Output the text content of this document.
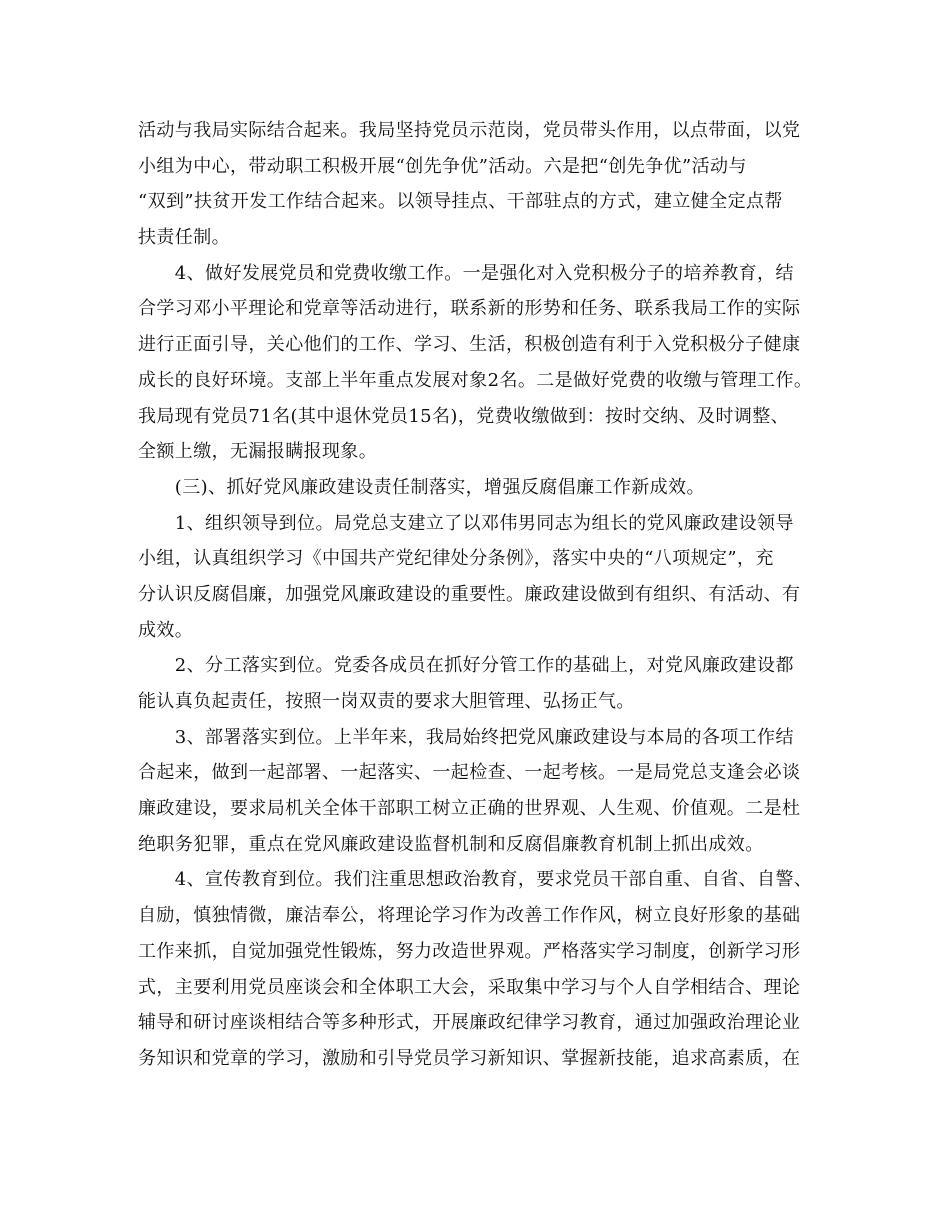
活动与我局实际结合起来。我局坚持党员示范岗，党员带头作用，以点带面，以党
小组为中心，带动职工积极开展“创先争优”活动。六是把“创先争优”活动与
“双到”扶贫开发工作结合起来。以领导挂点、干部驻点的方式，建立健全定点帮
扶责任制。
　　4、做好发展党员和党费收缴工作。一是强化对入党积极分子的培养教育，结
合学习邓小平理论和党章等活动进行，联系新的形势和任务、联系我局工作的实际
进行正面引导，关心他们的工作、学习、生活，积极创造有利于入党积极分子健康
成长的良好环境。支部上半年重点发展对象2名。二是做好党费的收缴与管理工作。
我局现有党员71名(其中退休党员15名)，党费收缴做到：按时交纳、及时调整、
全额上缴，无漏报瞒报现象。
　　(三)、抓好党风廉政建设责任制落实，增强反腐倡廉工作新成效。
　　1、组织领导到位。局党总支建立了以邓伟男同志为组长的党风廉政建设领导
小组，认真组织学习《中国共产党纪律处分条例》，落实中央的“八项规定”，充
分认识反腐倡廉，加强党风廉政建设的重要性。廉政建设做到有组织、有活动、有
成效。
　　2、分工落实到位。党委各成员在抓好分管工作的基础上，对党风廉政建设都
能认真负起责任，按照一岗双责的要求大胆管理、弘扬正气。
　　3、部署落实到位。上半年来，我局始终把党风廉政建设与本局的各项工作结
合起来，做到一起部署、一起落实、一起检查、一起考核。一是局党总支逢会必谈
廉政建设，要求局机关全体干部职工树立正确的世界观、人生观、价值观。二是杜
绝职务犯罪，重点在党风廉政建设监督机制和反腐倡廉教育机制上抓出成效。
　　4、宣传教育到位。我们注重思想政治教育，要求党员干部自重、自省、自警、
自励，慎独情微，廉洁奉公，将理论学习作为改善工作作风，树立良好形象的基础
工作来抓，自觉加强党性锻炼，努力改造世界观。严格落实学习制度，创新学习形
式，主要利用党员座谈会和全体职工大会，采取集中学习与个人自学相结合、理论
辅导和研讨座谈相结合等多种形式，开展廉政纪律学习教育，通过加强政治理论业
务知识和党章的学习，激励和引导党员学习新知识、掌握新技能，追求高素质，在
